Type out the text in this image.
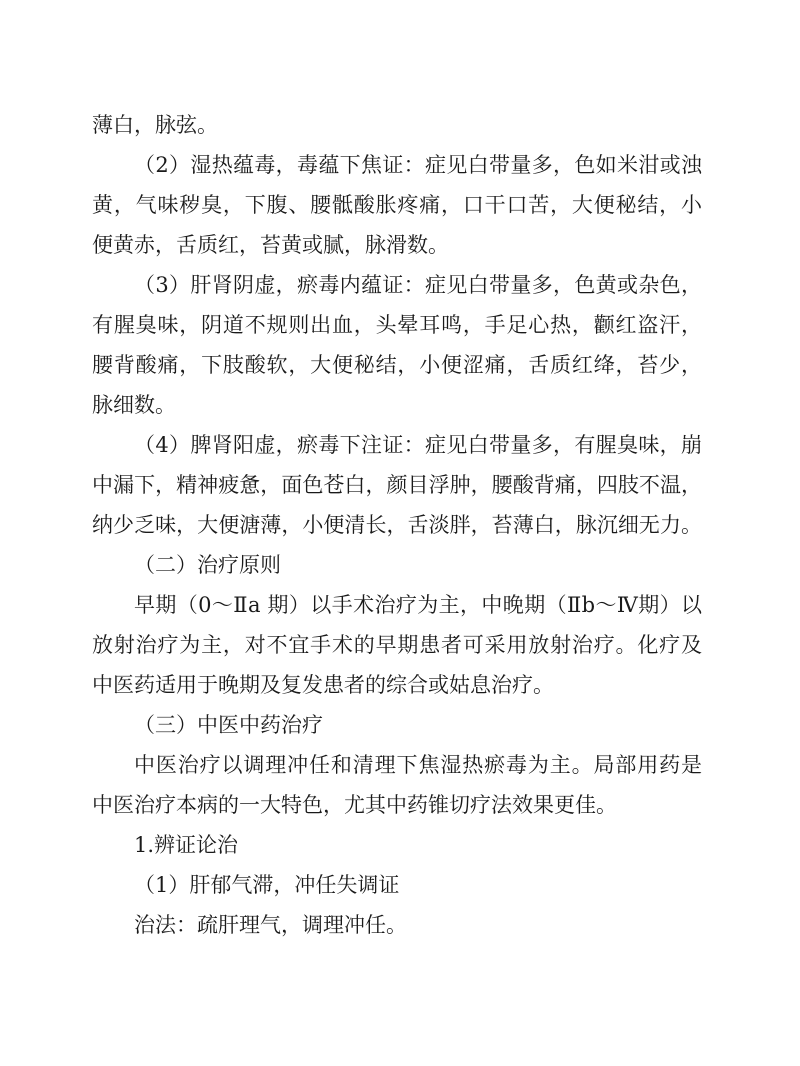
薄白，脉弦。
（2）湿热蕴毒，毒蕴下焦证：症见白带量多，色如米泔或浊
黄，气味秽臭，下腹、腰骶酸胀疼痛，口干口苦，大便秘结，小
便黄赤，舌质红，苔黄或腻，脉滑数。
（3）肝肾阴虚，瘀毒内蕴证：症见白带量多，色黄或杂色，
有腥臭味，阴道不规则出血，头晕耳鸣，手足心热，颧红盗汗，
腰背酸痛，下肢酸软，大便秘结，小便涩痛，舌质红绛，苔少，
脉细数。
（4）脾肾阳虚，瘀毒下注证：症见白带量多，有腥臭味，崩
中漏下，精神疲惫，面色苍白，颜目浮肿，腰酸背痛，四肢不温，
纳少乏味，大便溏薄，小便清长，舌淡胖，苔薄白，脉沉细无力。
（二）治疗原则
早期（0～Ⅱa 期）以手术治疗为主，中晚期（Ⅱb～Ⅳ期）以
放射治疗为主，对不宜手术的早期患者可采用放射治疗。化疗及
中医药适用于晚期及复发患者的综合或姑息治疗。
（三）中医中药治疗
中医治疗以调理冲任和清理下焦湿热瘀毒为主。局部用药是
中医治疗本病的一大特色，尤其中药锥切疗法效果更佳。
1.辨证论治
（1）肝郁气滞，冲任失调证
治法：疏肝理气，调理冲任。
